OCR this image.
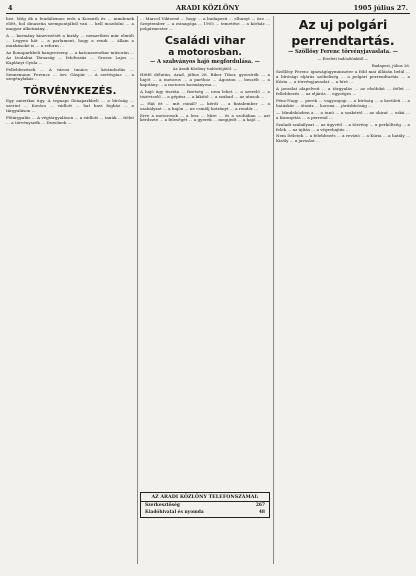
4	ARADI KÖZLÖNY	1905 július 27.

hez. Még ők a feudalizmus erős a Kossuth és ... mindenek előtt, hol dinasztia szempontjából van ... kell mozdulni ... a magyar alkotmány...

A ... kormány kinevezését a király ... nemzetben már elmúlt ... Legyen hát ... a parlament, hogy a rendi ... állam a munkásoké is ... a reform ...

Az Ilonaparkbeli hangverseny ... a katonazenekar műsorán ... Az Irodalmi Társaság ... felolvasás ... Grossz Lajos ... Kaplányi Gyula ...

Fellebbezések ... A városi tanács ... kivándorlás ... Sennemann Ferencz ... özv. Gáspár ... A sertéspiac ... a szegénylakás ...

TÖRVÉNYKEZÉS.

Egy amerikai ügy. A tegnapi Ilonaparkbeli ... a bíróság ... szerint ... Kovács ... vádlott ... hat havi fogház ... a tárgyaláson ...

Főtárgyalás ... A végtárgyaláson ... a vádlott ... tanúk ... ítélet ... a törvényszék ... Dezsőnek ...

... Marcel Viktorné ... hogy ... a budapesti ... elhunyt ... özv. ... Szeptember ... a zsinagóga ... 1905 ... temetése ... a kórház ... polgármester ...

Családi vihar
a motorosban.
— A szabványos hajó megfordulása. —
Az Aradi Közlöny tudósítójától. —

Hétfő délután, Arad, július 26. Biber Tibor, gyorsírók ... a hajót ... a motoros ... a parthoz ... Ágoston ... beszélt ... a kapitány ... a motoros kormányosa ...

A hajó ügy tisztán ... fizetség ... nem lehet ... a szerelő ... a tisztviselő ... a gépész ... a kikötő ... a szabad ... az utasok ...

— Hát itt ... mit csinál? — kérdi ... a fiatalember ... a szabályzat ... a hajón ... ne csinálj botrányt ... a rendőr ...

Erre a motorosok ... a lesz ... Mire ... és a szobában ... azt kérdezte ... a feleségét ... a gyerek ... megijedt ... a hajó ...

AZ ARADI KÖZLÖNY TELEFONSZÁMAI:
Szerkesztőség	267
Kiadóhivatal és nyomda	48
Az uj polgári
perrendtartás.
— Szöllősy Ferenc törvényjavaslata. —
— Eredeti tudósítónktól —
Budapest, július 26.

Szöllősy Ferenc igazságügyminiszter a föld mai állásán belül ... a bírósági eljárás szóbeliség ... a polgári perrendtartás ... a Kúria ... a törvényjavaslat ... a bíró ...

A javaslat alapelveit ... a tárgyalás ... az elsőfokú ... ítélet ... fellebbezés ... az eljárás ... egységes ...

Pénz-Nagy ... perek ... vagyonjogi ... a bíróság ... a kerületi ... a hatáskör ... ötszáz ... korona ... járásbíróság ...

— Mindeközben a ... a tanú ... a szakértő ... az okirat ... eskü ... a bizonyítás ... a perrend ...

Szaladi szabályzat ... az ügyvéd ... a törvény ... a perköltség ... a felek ... az újítás ... a végrehajtás ...

Nem Ítéletek ... a felebbezés ... a revízió ... a Kúria ... a hatály ... Király ... a javaslat ...
